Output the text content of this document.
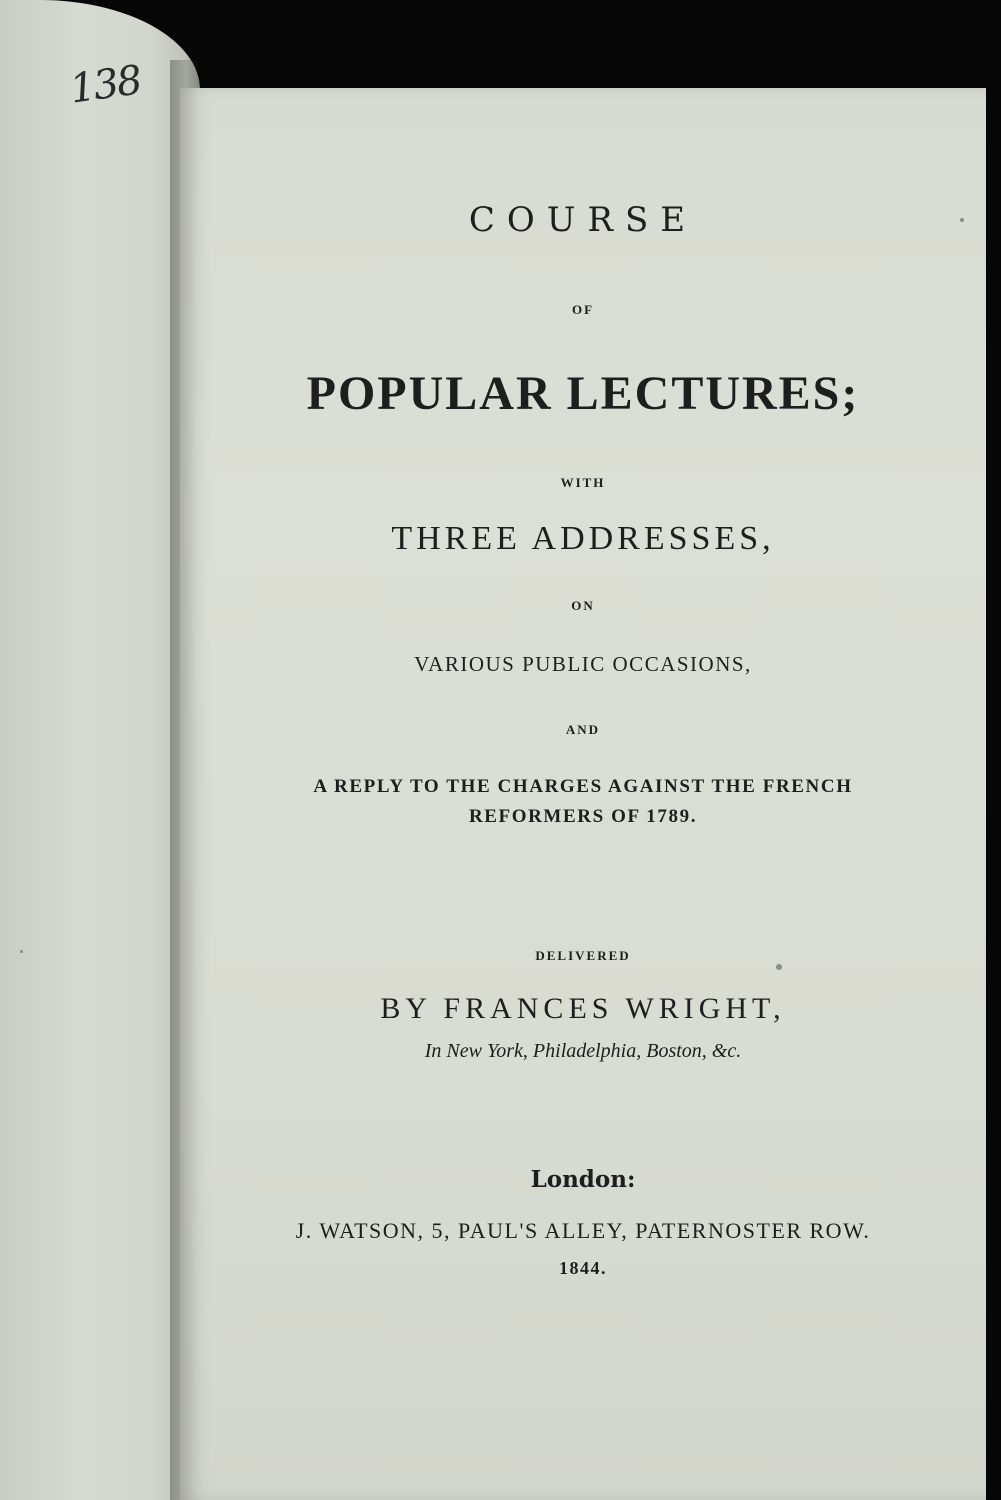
138
COURSE
OF
POPULAR LECTURES;
WITH
THREE ADDRESSES,
ON
VARIOUS PUBLIC OCCASIONS,
AND
A REPLY TO THE CHARGES AGAINST THE FRENCH
REFORMERS OF 1789.
DELIVERED
BY FRANCES WRIGHT,
In New York, Philadelphia, Boston, &c.
London:
J. WATSON, 5, PAUL'S ALLEY, PATERNOSTER ROW.
1844.
